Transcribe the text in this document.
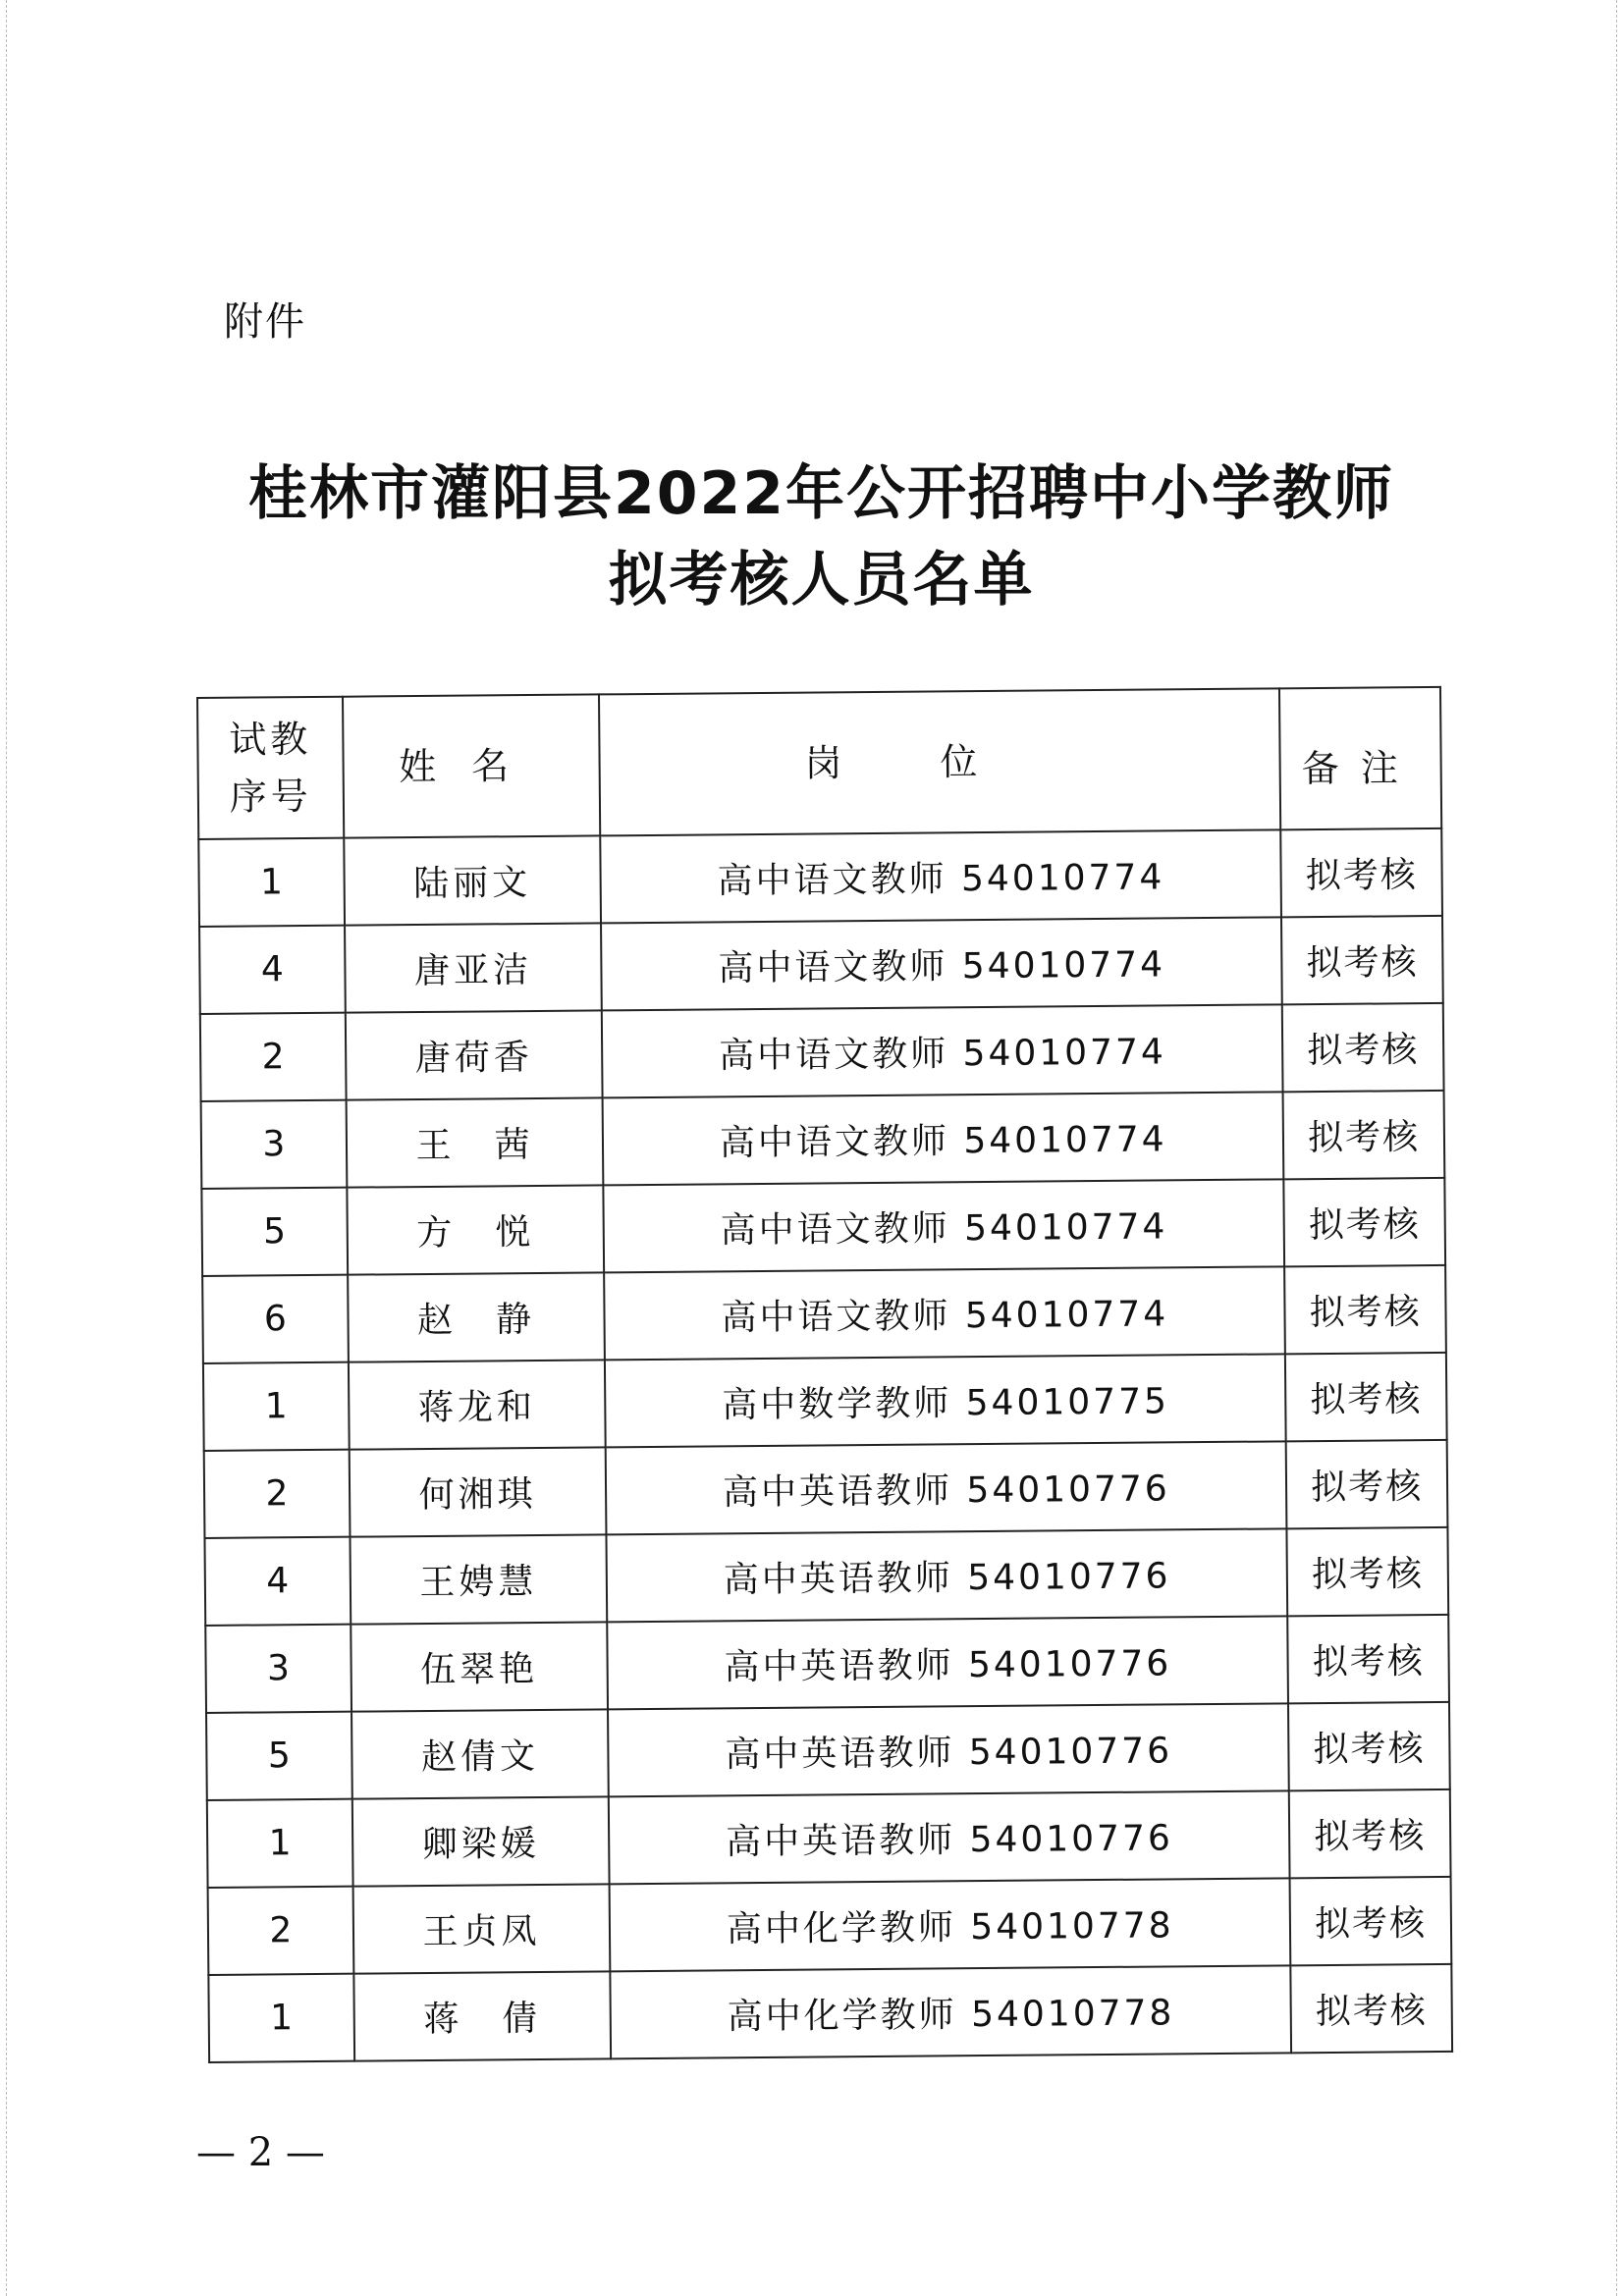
附件
桂林市灌阳县2022年公开招聘中小学教师
拟考核人员名单
试教
序号	姓名	岗位	备注
1	陆丽文	高中语文教师 54010774	拟考核
4	唐亚洁	高中语文教师 54010774	拟考核
2	唐荷香	高中语文教师 54010774	拟考核
3	王　茜	高中语文教师 54010774	拟考核
5	方　悦	高中语文教师 54010774	拟考核
6	赵　静	高中语文教师 54010774	拟考核
1	蒋龙和	高中数学教师 54010775	拟考核
2	何湘琪	高中英语教师 54010776	拟考核
4	王娉慧	高中英语教师 54010776	拟考核
3	伍翠艳	高中英语教师 54010776	拟考核
5	赵倩文	高中英语教师 54010776	拟考核
1	卿梁媛	高中英语教师 54010776	拟考核
2	王贞凤	高中化学教师 54010778	拟考核
1	蒋　倩	高中化学教师 54010778	拟考核
— 2 —
